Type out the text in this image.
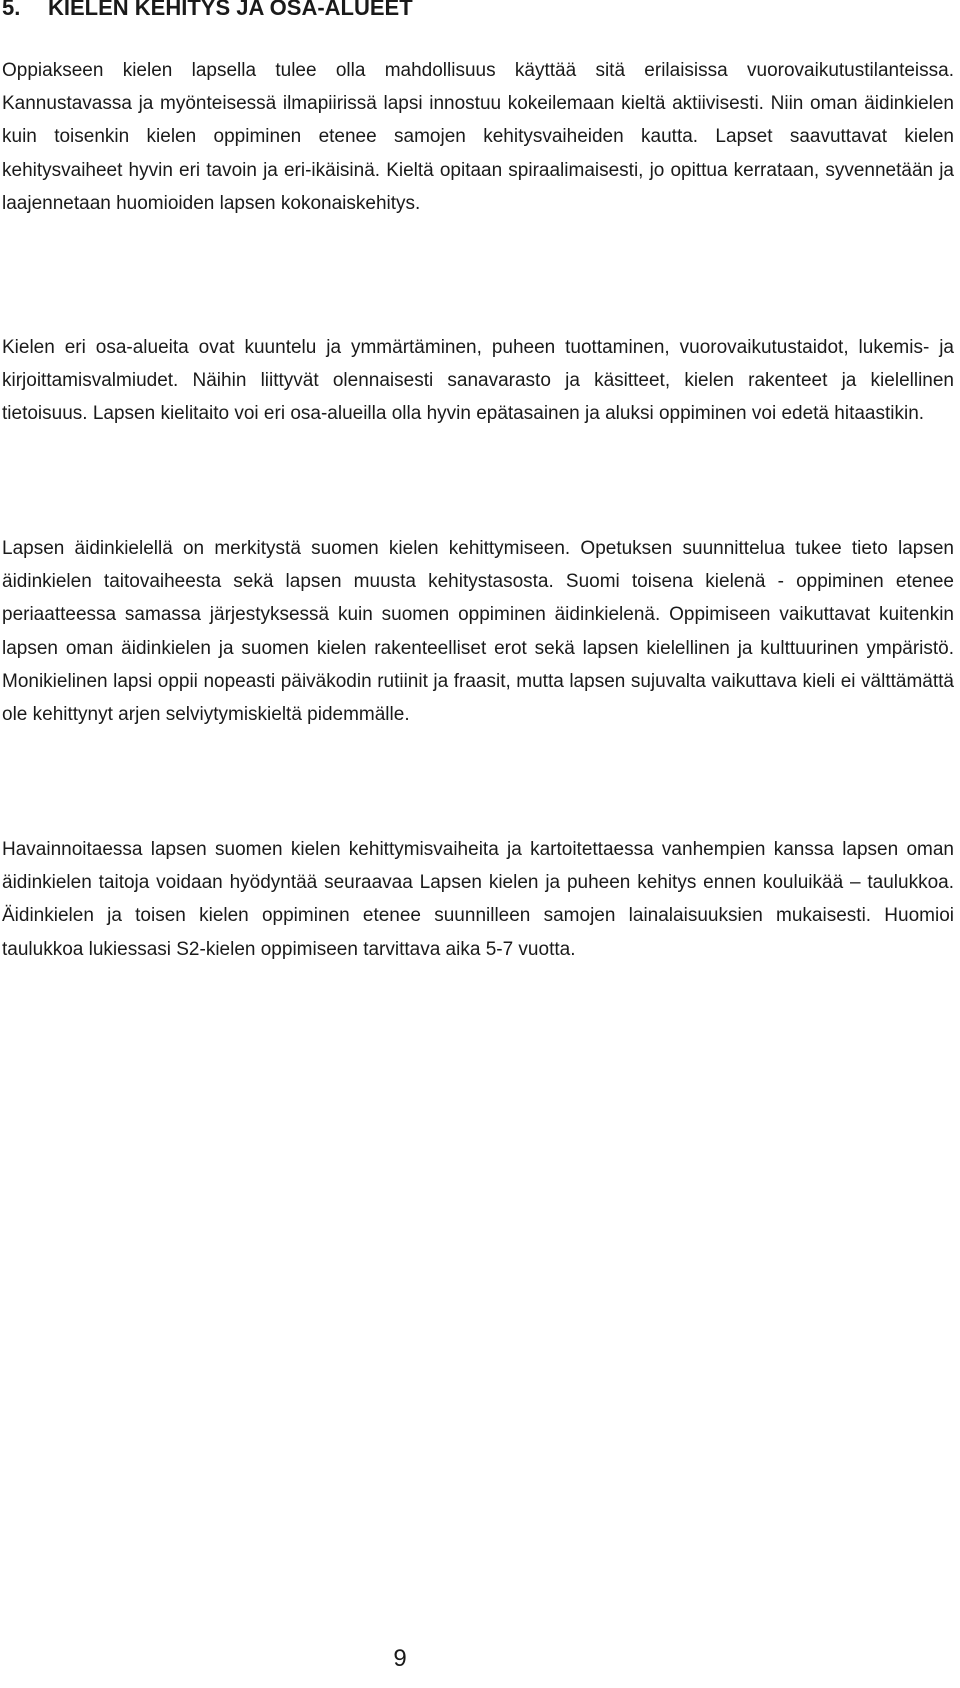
5. KIELEN KEHITYS JA OSA-ALUEET

Oppiakseen kielen lapsella tulee olla mahdollisuus käyttää sitä erilaisissa vuorovaikutustilanteissa. Kannustavassa ja myönteisessä ilmapiirissä lapsi innostuu kokeilemaan kieltä aktiivisesti. Niin oman äidinkielen kuin toisenkin kielen oppiminen etenee samojen kehitysvaiheiden kautta. Lapset saavuttavat kielen kehitysvaiheet hyvin eri tavoin ja eri-ikäisinä. Kieltä opitaan spiraalimaisesti, jo opittua kerrataan, syvennetään ja laajennetaan huomioiden lapsen kokonaiskehitys.

Kielen eri osa-alueita ovat kuuntelu ja ymmärtäminen, puheen tuottaminen, vuorovaikutustaidot, lukemis- ja kirjoittamisvalmiudet. Näihin liittyvät olennaisesti sanavarasto ja käsitteet, kielen rakenteet ja kielellinen tietoisuus. Lapsen kielitaito voi eri osa-alueilla olla hyvin epätasainen ja aluksi oppiminen voi edetä hitaastikin.

Lapsen äidinkielellä on merkitystä suomen kielen kehittymiseen. Opetuksen suunnittelua tukee tieto lapsen äidinkielen taitovaiheesta sekä lapsen muusta kehitystasosta. Suomi toisena kielenä - oppiminen etenee periaatteessa samassa järjestyksessä kuin suomen oppiminen äidinkielenä. Oppimiseen vaikuttavat kuitenkin lapsen oman äidinkielen ja suomen kielen rakenteelliset erot sekä lapsen kielellinen ja kulttuurinen ympäristö. Monikielinen lapsi oppii nopeasti päiväkodin rutiinit ja fraasit, mutta lapsen sujuvalta vaikuttava kieli ei välttämättä ole kehittynyt arjen selviytymiskieltä pidemmälle.

Havainnoitaessa lapsen suomen kielen kehittymisvaiheita ja kartoitettaessa vanhempien kanssa lapsen oman äidinkielen taitoja voidaan hyödyntää seuraavaa Lapsen kielen ja puheen kehitys ennen kouluikää – taulukkoa. Äidinkielen ja toisen kielen oppiminen etenee suunnilleen samojen lainalaisuuksien mukaisesti. Huomioi taulukkoa lukiessasi S2-kielen oppimiseen tarvittava aika 5-7 vuotta.

9
